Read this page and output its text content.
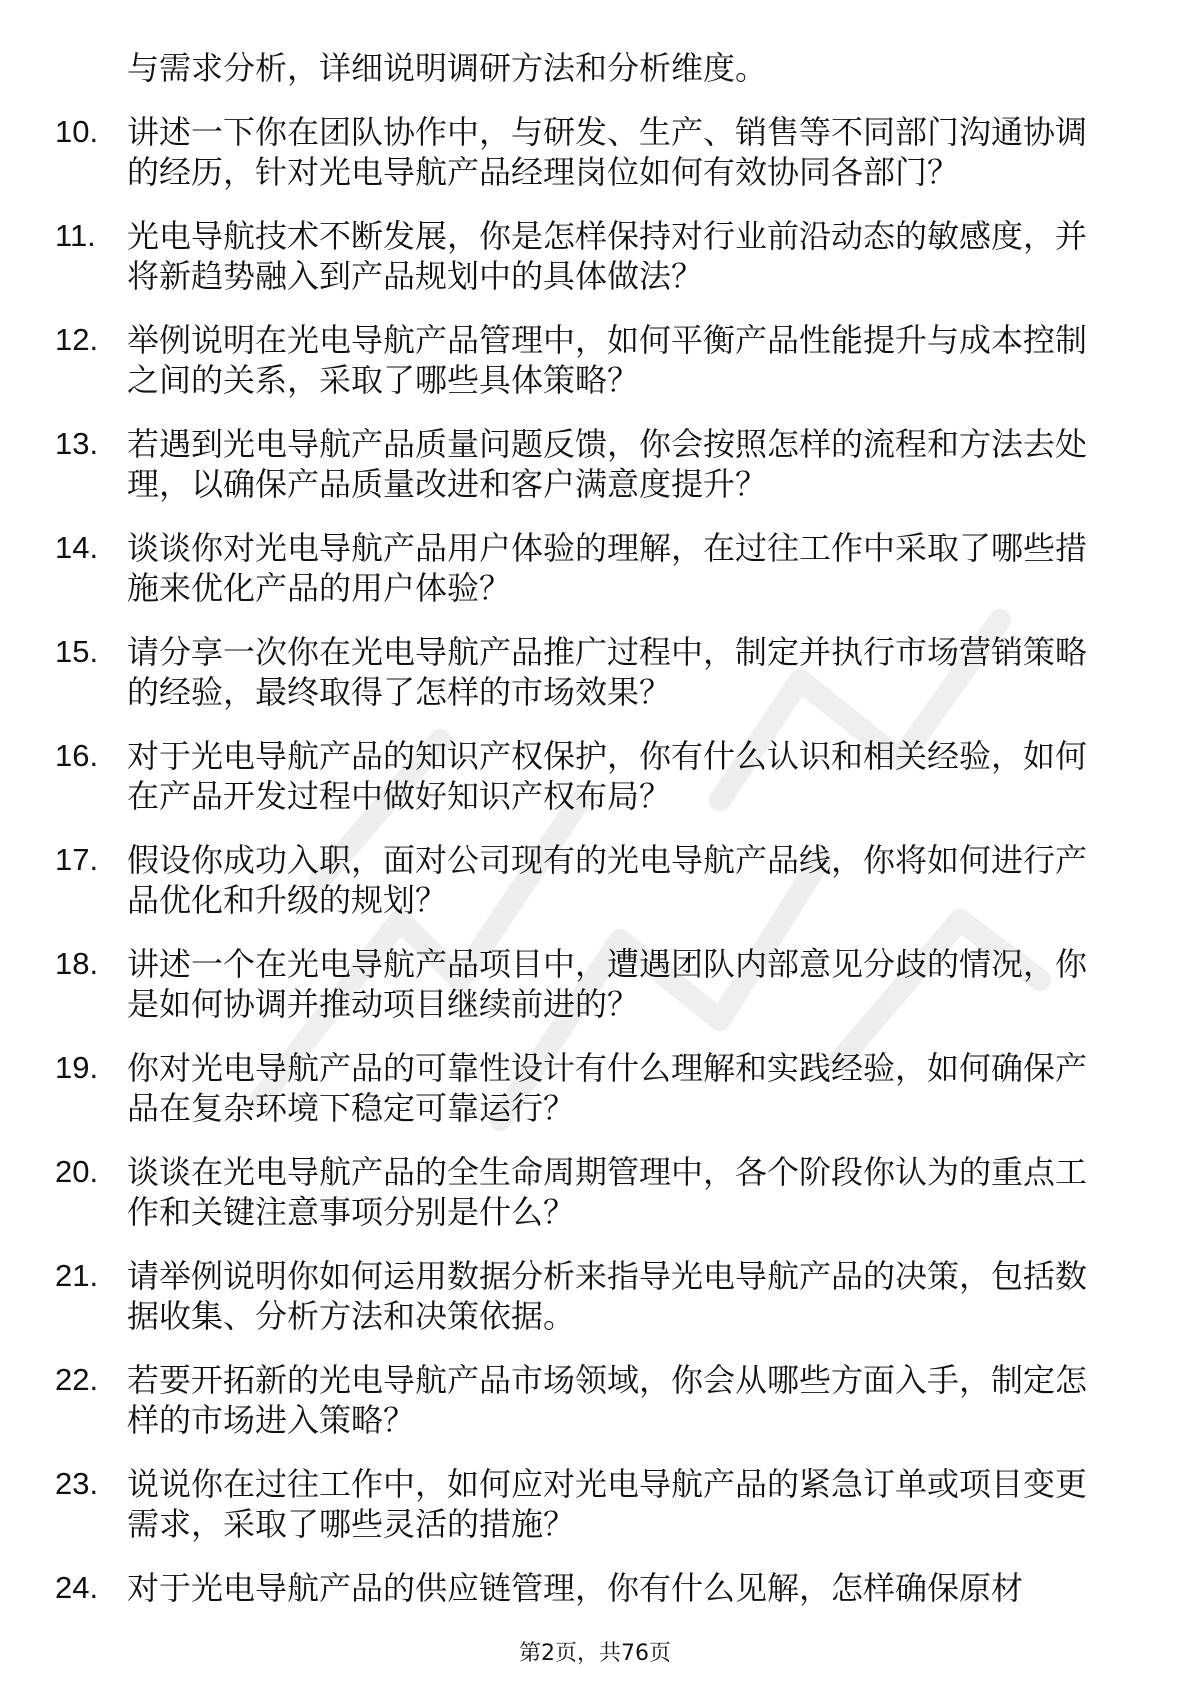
与需求分析，详细说明调研方法和分析维度。

10. 讲述一下你在团队协作中，与研发、生产、销售等不同部门沟通协调的经历，针对光电导航产品经理岗位如何有效协同各部门？
11. 光电导航技术不断发展，你是怎样保持对行业前沿动态的敏感度，并将新趋势融入到产品规划中的具体做法？
12. 举例说明在光电导航产品管理中，如何平衡产品性能提升与成本控制之间的关系，采取了哪些具体策略？
13. 若遇到光电导航产品质量问题反馈，你会按照怎样的流程和方法去处理，以确保产品质量改进和客户满意度提升？
14. 谈谈你对光电导航产品用户体验的理解，在过往工作中采取了哪些措施来优化产品的用户体验？
15. 请分享一次你在光电导航产品推广过程中，制定并执行市场营销策略的经验，最终取得了怎样的市场效果？
16. 对于光电导航产品的知识产权保护，你有什么认识和相关经验，如何在产品开发过程中做好知识产权布局？
17. 假设你成功入职，面对公司现有的光电导航产品线，你将如何进行产品优化和升级的规划？
18. 讲述一个在光电导航产品项目中，遭遇团队内部意见分歧的情况，你是如何协调并推动项目继续前进的？
19. 你对光电导航产品的可靠性设计有什么理解和实践经验，如何确保产品在复杂环境下稳定可靠运行？
20. 谈谈在光电导航产品的全生命周期管理中，各个阶段你认为的重点工作和关键注意事项分别是什么？
21. 请举例说明你如何运用数据分析来指导光电导航产品的决策，包括数据收集、分析方法和决策依据。
22. 若要开拓新的光电导航产品市场领域，你会从哪些方面入手，制定怎样的市场进入策略？
23. 说说你在过往工作中，如何应对光电导航产品的紧急订单或项目变更需求，采取了哪些灵活的措施？
24. 对于光电导航产品的供应链管理，你有什么见解，怎样确保原材
第2页，共76页
